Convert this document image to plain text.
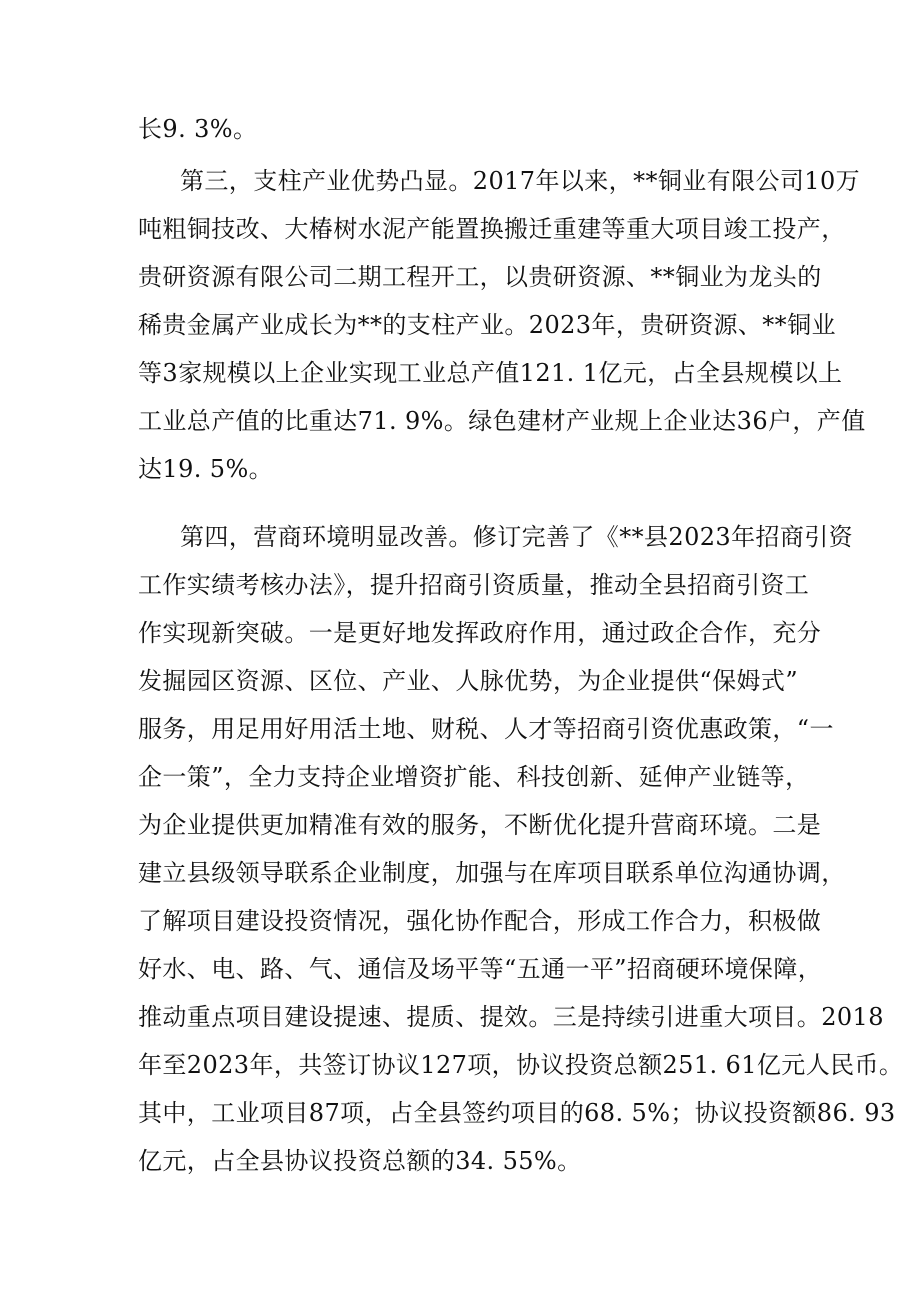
长9. 3%。
第三，支柱产业优势凸显。2017年以来，**铜业有限公司10万
吨粗铜技改、大椿树水泥产能置换搬迁重建等重大项目竣工投产，
贵研资源有限公司二期工程开工，以贵研资源、**铜业为龙头的
稀贵金属产业成长为**的支柱产业。2023年，贵研资源、**铜业
等3家规模以上企业实现工业总产值121. 1亿元，占全县规模以上
工业总产值的比重达71. 9%。绿色建材产业规上企业达36户，产值
达19. 5%。
第四，营商环境明显改善。修订完善了《**县2023年招商引资
工作实绩考核办法》，提升招商引资质量，推动全县招商引资工
作实现新突破。一是更好地发挥政府作用，通过政企合作，充分
发掘园区资源、区位、产业、人脉优势，为企业提供“保姆式”
服务，用足用好用活土地、财税、人才等招商引资优惠政策，“一
企一策”，全力支持企业增资扩能、科技创新、延伸产业链等，
为企业提供更加精准有效的服务，不断优化提升营商环境。二是
建立县级领导联系企业制度，加强与在库项目联系单位沟通协调，
了解项目建设投资情况，强化协作配合，形成工作合力，积极做
好水、电、路、气、通信及场平等“五通一平”招商硬环境保障，
推动重点项目建设提速、提质、提效。三是持续引进重大项目。2018
年至2023年，共签订协议127项，协议投资总额251. 61亿元人民币。
其中，工业项目87项，占全县签约项目的68. 5%；协议投资额86. 93
亿元，占全县协议投资总额的34. 55%。
